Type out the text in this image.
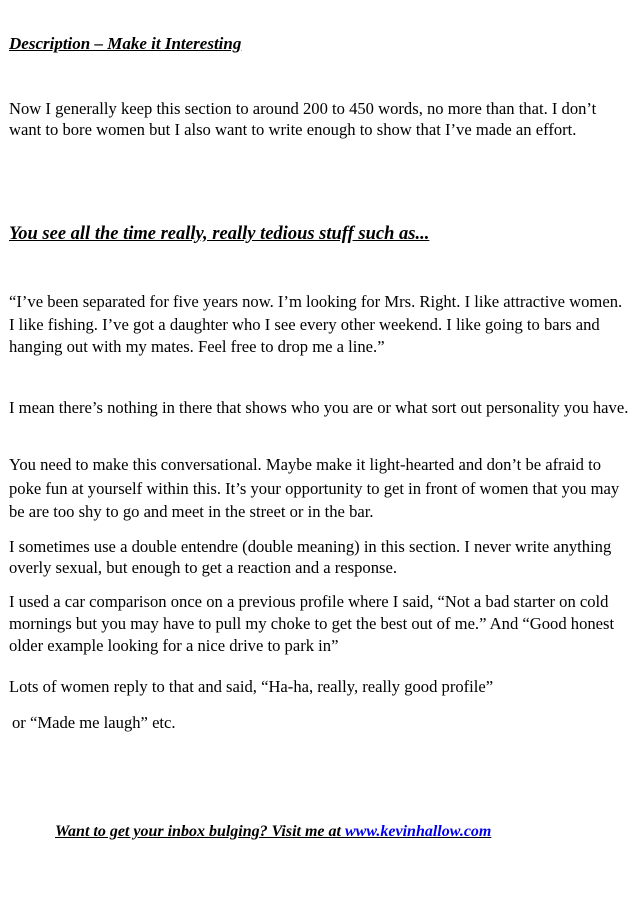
Description – Make it Interesting

Now I generally keep this section to around 200 to 450 words, no more than that. I don’t want to bore women but I also want to write enough to show that I’ve made an effort.

You see all the time really, really tedious stuff such as...

“I’ve been separated for five years now. I’m looking for Mrs. Right. I like attractive women. I like fishing. I’ve got a daughter who I see every other weekend. I like going to bars and hanging out with my mates. Feel free to drop me a line.”

I mean there’s nothing in there that shows who you are or what sort out personality you have.

You need to make this conversational. Maybe make it light-hearted and don’t be afraid to poke fun at yourself within this. It’s your opportunity to get in front of women that you may be are too shy to go and meet in the street or in the bar.

I sometimes use a double entendre (double meaning) in this section. I never write anything overly sexual, but enough to get a reaction and a response.

I used a car comparison once on a previous profile where I said, “Not a bad starter on cold mornings but you may have to pull my choke to get the best out of me.” And “Good honest older example looking for a nice drive to park in”

Lots of women reply to that and said, “Ha-ha, really, really good profile”

or “Made me laugh” etc.

Want to get your inbox bulging? Visit me at www.kevinhallow.com
